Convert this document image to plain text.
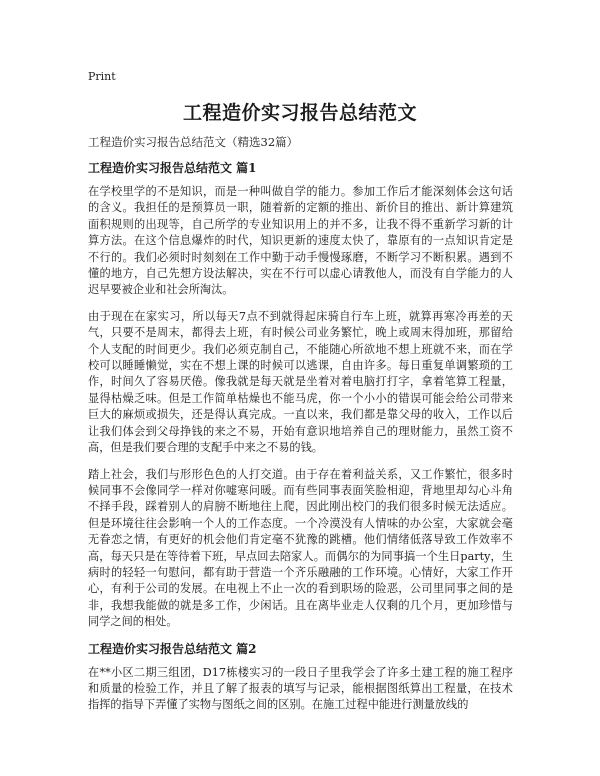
Print
工程造价实习报告总结范文
工程造价实习报告总结范文（精选32篇）
工程造价实习报告总结范文 篇1

在学校里学的不是知识，而是一种叫做自学的能力。参加工作后才能深刻体会这句话的含义。我担任的是预算员一职，随着新的定额的推出、新价目的推出、新计算建筑面积规则的出现等，自己所学的专业知识用上的并不多，让我不得不重新学习新的计算方法。在这个信息爆炸的时代，知识更新的速度太快了，靠原有的一点知识肯定是不行的。我们必须时时刻刻在工作中勤于动手慢慢琢磨，不断学习不断积累。遇到不懂的地方，自己先想方设法解决，实在不行可以虚心请教他人，而没有自学能力的人迟早要被企业和社会所淘汰。

由于现在在家实习，所以每天7点不到就得起床骑自行车上班，就算再寒冷再差的天气，只要不是周末，都得去上班，有时候公司业务繁忙，晚上或周末得加班，那留给个人支配的时间更少。我们必须克制自己，不能随心所欲地不想上班就不来，而在学校可以睡睡懒觉，实在不想上课的时候可以逃课，自由许多。每日重复单调繁琐的工作，时间久了容易厌倦。像我就是每天就是坐着对着电脑打打字，拿着笔算工程量，显得枯燥乏味。但是工作简单枯燥也不能马虎，你一个小小的错误可能会给公司带来巨大的麻烦或损失，还是得认真完成。一直以来，我们都是靠父母的收入，工作以后让我们体会到父母挣钱的来之不易，开始有意识地培养自己的理财能力，虽然工资不高，但是我们要合理的支配手中来之不易的钱。

踏上社会，我们与形形色色的人打交道。由于存在着利益关系，又工作繁忙，很多时候同事不会像同学一样对你嘘寒问暖。而有些同事表面笑脸相迎，背地里却勾心斗角不择手段，踩着别人的肩膀不断地往上爬，因此刚出校门的我们很多时候无法适应。但是环境往往会影响一个人的工作态度。一个冷漠没有人情味的办公室，大家就会毫无眷恋之情，有更好的机会他们肯定毫不犹豫的跳槽。他们情绪低落导致工作效率不高，每天只是在等待着下班，早点回去陪家人。而偶尔的为同事搞一个生日party，生病时的轻轻一句慰问，都有助于营造一个齐乐融融的工作环境。心情好，大家工作开心，有利于公司的发展。在电视上不止一次的看到职场的险恶，公司里同事之间的是非，我想我能做的就是多工作，少闲话。且在离毕业走人仅剩的几个月，更加珍惜与同学之间的相处。

工程造价实习报告总结范文 篇2

在**小区二期三组团，D17栋楼实习的一段日子里我学会了许多土建工程的施工程序和质量的检验工作，并且了解了报表的填写与记录，能根据图纸算出工程量，在技术指挥的指导下弄懂了实物与图纸之间的区别。在施工过程中能进行测量放线的
